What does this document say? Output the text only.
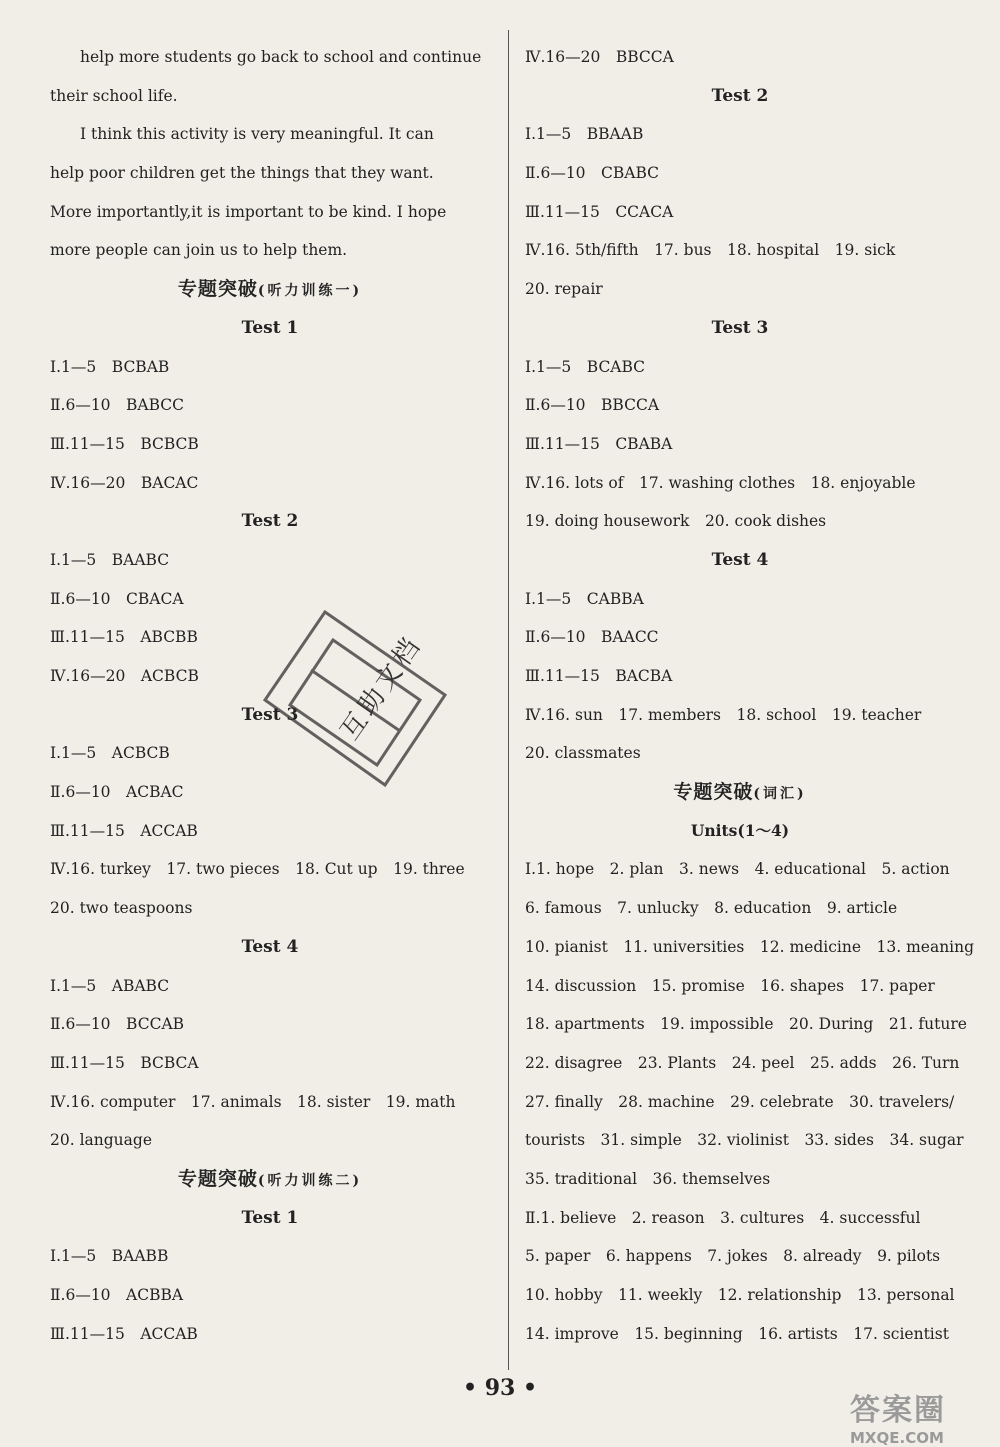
help more students go back to school and continue
their school life.
I think this activity is very meaningful. It can
help poor children get the things that they want.
More importantly,it is important to be kind. I hope
more people can join us to help them.
专题突破(听力训练一)
Test 1
Ⅰ.1—5　BCBAB
Ⅱ.6—10　BABCC
Ⅲ.11—15　BCBCB
Ⅳ.16—20　BACAC
Test 2
Ⅰ.1—5　BAABC
Ⅱ.6—10　CBACA
Ⅲ.11—15　ABCBB
Ⅳ.16—20　ACBCB
Test 3
Ⅰ.1—5　ACBCB
Ⅱ.6—10　ACBAC
Ⅲ.11—15　ACCAB
Ⅳ.16. turkey　17. two pieces　18. Cut up　19. three
20. two teaspoons
Test 4
Ⅰ.1—5　ABABC
Ⅱ.6—10　BCCAB
Ⅲ.11—15　BCBCA
Ⅳ.16. computer　17. animals　18. sister　19. math
20. language
专题突破(听力训练二)
Test 1
Ⅰ.1—5　BAABB
Ⅱ.6—10　ACBBA
Ⅲ.11—15　ACCAB
Ⅳ.16—20　BBCCA
Test 2
Ⅰ.1—5　BBAAB
Ⅱ.6—10　CBABC
Ⅲ.11—15　CCACA
Ⅳ.16. 5th/fifth　17. bus　18. hospital　19. sick
20. repair
Test 3
Ⅰ.1—5　BCABC
Ⅱ.6—10　BBCCA
Ⅲ.11—15　CBABA
Ⅳ.16. lots of　17. washing clothes　18. enjoyable
19. doing housework　20. cook dishes
Test 4
Ⅰ.1—5　CABBA
Ⅱ.6—10　BAACC
Ⅲ.11—15　BACBA
Ⅳ.16. sun　17. members　18. school　19. teacher
20. classmates
专题突破(词汇)
Units(1～4)
Ⅰ.1. hope　2. plan　3. news　4. educational　5. action
6. famous　7. unlucky　8. education　9. article
10. pianist　11. universities　12. medicine　13. meaning
14. discussion　15. promise　16. shapes　17. paper
18. apartments　19. impossible　20. During　21. future
22. disagree　23. Plants　24. peel　25. adds　26. Turn
27. finally　28. machine　29. celebrate　30. travelers/
tourists　31. simple　32. violinist　33. sides　34. sugar
35. traditional　36. themselves
Ⅱ.1. believe　2. reason　3. cultures　4. successful
5. paper　6. happens　7. jokes　8. already　9. pilots
10. hobby　11. weekly　12. relationship　13. personal
14. improve　15. beginning　16. artists　17. scientist
互助文档
• 93 •
答案圈
MXQE.COM
